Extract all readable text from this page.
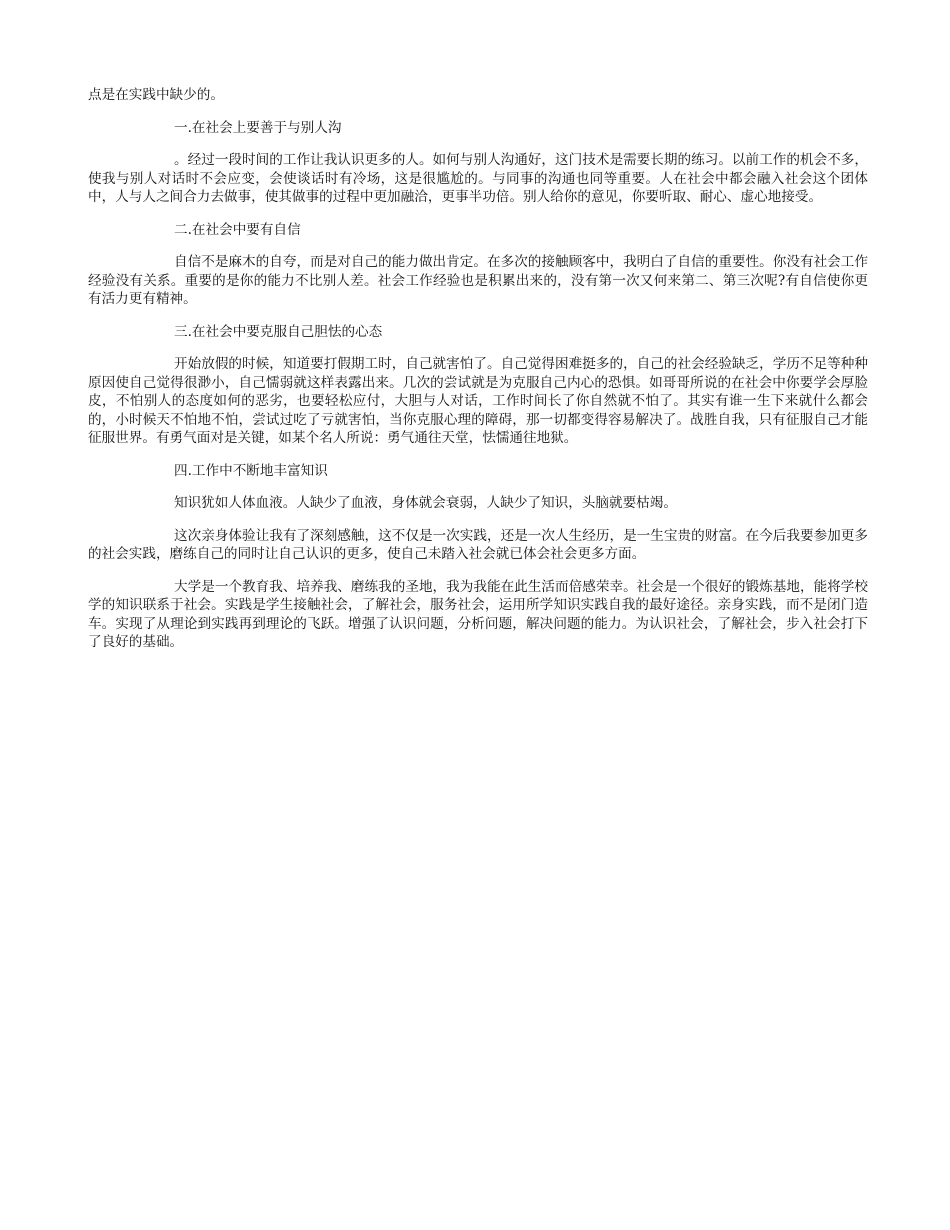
点是在实践中缺少的。

一.在社会上要善于与别人沟

。经过一段时间的工作让我认识更多的人。如何与别人沟通好，这门技术是需要长期的练习。以前工作的机会不多，使我与别人对话时不会应变，会使谈话时有冷场，这是很尴尬的。与同事的沟通也同等重要。人在社会中都会融入社会这个团体中，人与人之间合力去做事，使其做事的过程中更加融洽，更事半功倍。别人给你的意见，你要听取、耐心、虚心地接受。

二.在社会中要有自信

自信不是麻木的自夸，而是对自己的能力做出肯定。在多次的接触顾客中，我明白了自信的重要性。你没有社会工作经验没有关系。重要的是你的能力不比别人差。社会工作经验也是积累出来的，没有第一次又何来第二、第三次呢?有自信使你更有活力更有精神。

三.在社会中要克服自己胆怯的心态

开始放假的时候，知道要打假期工时，自己就害怕了。自己觉得困难挺多的，自己的社会经验缺乏，学历不足等种种原因使自己觉得很渺小，自己懦弱就这样表露出来。几次的尝试就是为克服自己内心的恐惧。如哥哥所说的在社会中你要学会厚脸皮，不怕别人的态度如何的恶劣，也要轻松应付，大胆与人对话，工作时间长了你自然就不怕了。其实有谁一生下来就什么都会的，小时候天不怕地不怕，尝试过吃了亏就害怕，当你克服心理的障碍，那一切都变得容易解决了。战胜自我，只有征服自己才能征服世界。有勇气面对是关键，如某个名人所说：勇气通往天堂，怯懦通往地狱。

四.工作中不断地丰富知识

知识犹如人体血液。人缺少了血液，身体就会衰弱，人缺少了知识，头脑就要枯竭。

这次亲身体验让我有了深刻感触，这不仅是一次实践，还是一次人生经历，是一生宝贵的财富。在今后我要参加更多的社会实践，磨练自己的同时让自己认识的更多，使自己未踏入社会就已体会社会更多方面。

大学是一个教育我、培养我、磨练我的圣地，我为我能在此生活而倍感荣幸。社会是一个很好的锻炼基地，能将学校学的知识联系于社会。实践是学生接触社会，了解社会，服务社会，运用所学知识实践自我的最好途径。亲身实践，而不是闭门造车。实现了从理论到实践再到理论的飞跃。增强了认识问题，分析问题，解决问题的能力。为认识社会，了解社会，步入社会打下了良好的基础。
